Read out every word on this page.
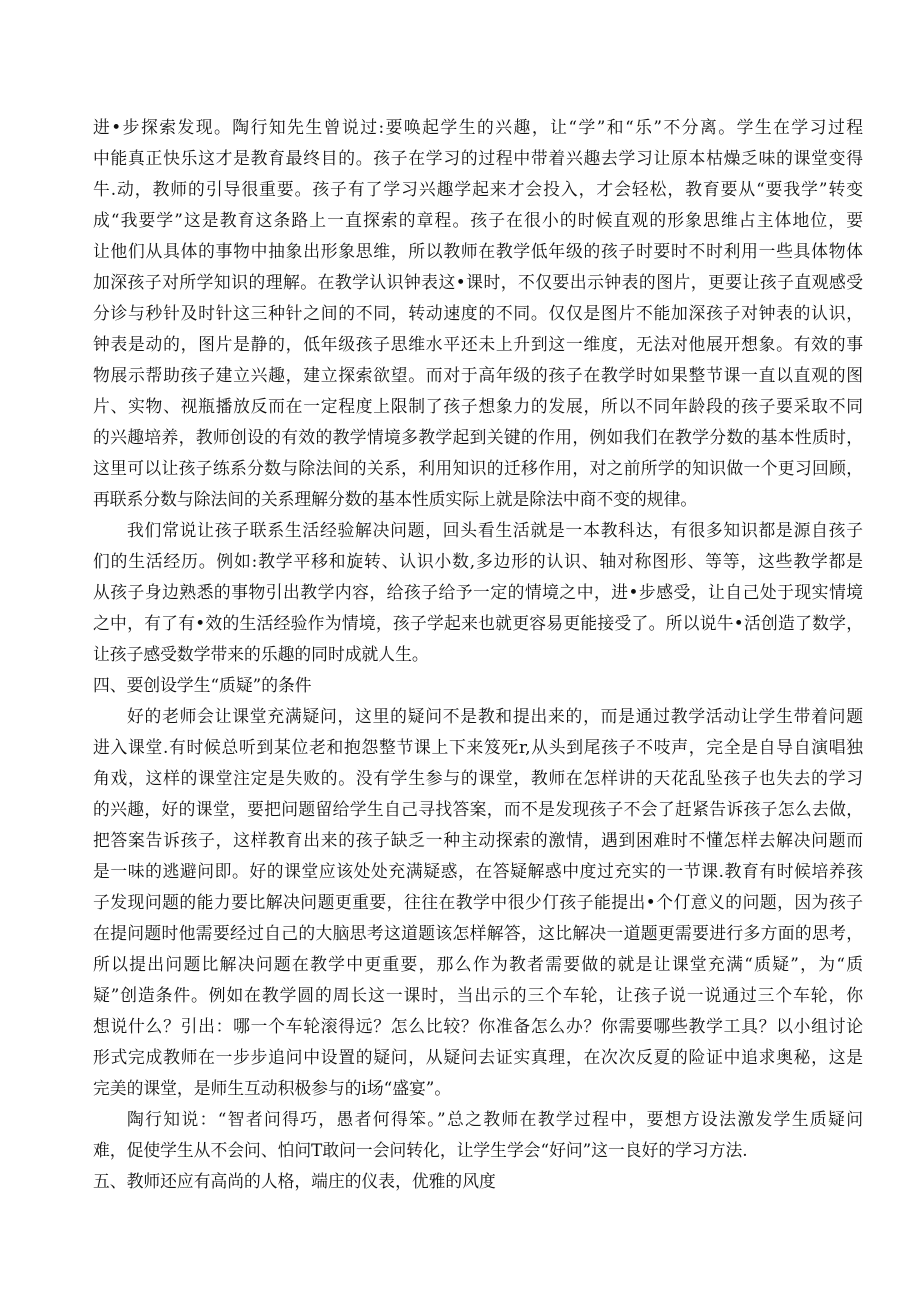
进•步探索发现。陶行知先生曾说过:要唤起学生的兴趣，让“学”和“乐”不分离。学生在学习过程
中能真正快乐这才是教育最终目的。孩子在学习的过程中带着兴趣去学习让原本枯燥乏味的课堂变得
牛.动，教师的引导很重要。孩子有了学习兴趣学起来才会投入，才会轻松，教育要从“要我学”转变
成“我要学”这是教育这条路上一直探索的章程。孩子在很小的时候直观的形象思维占主体地位，要
让他们从具体的事物中抽象出形象思维，所以教师在教学低年级的孩子时要时不时利用一些具体物体
加深孩子对所学知识的理解。在教学认识钟表这•课时，不仅要出示钟表的图片，更要让孩子直观感受
分诊与秒针及时针这三种针之间的不同，转动速度的不同。仅仅是图片不能加深孩子对钟表的认识，
钟表是动的，图片是静的，低年级孩子思维水平还未上升到这一维度，无法对他展开想象。有效的事
物展示帮助孩子建立兴趣，建立探索欲望。而对于高年级的孩子在教学时如果整节课一直以直观的图
片、实物、视瓶播放反而在一定程度上限制了孩子想象力的发展，所以不同年龄段的孩子要采取不同
的兴趣培养，教师创设的有效的教学情境多教学起到关键的作用，例如我们在教学分数的基本性质时，
这里可以让孩子练系分数与除法间的关系，利用知识的迁移作用，对之前所学的知识做一个更习回顾，
再联系分数与除法间的关系理解分数的基本性质实际上就是除法中商不变的规律。
我们常说让孩子联系生活经验解决问题，回头看生活就是一本教科达，有很多知识都是源自孩子
们的生活经历。例如:教学平移和旋转、认识小数,多边形的认识、轴对称图形、等等，这些教学都是
从孩子身边熟悉的事物引出教学内容，给孩子给予一定的情境之中，进•步感受，让自己处于现实情境
之中，有了有•效的生活经验作为情境，孩子学起来也就更容易更能接受了。所以说牛•活创造了数学，
让孩子感受数学带来的乐趣的同时成就人生。
四、要创设学生“质疑”的条件
好的老师会让课堂充满疑问，这里的疑问不是教和提出来的，而是通过教学活动让学生带着问题
进入课堂.有时候总听到某位老和抱怨整节课上下来笈死r,从头到尾孩子不吱声，完全是自导自演唱独
角戏，这样的课堂注定是失败的。没有学生参与的课堂，教师在怎样讲的天花乱坠孩子也失去的学习
的兴趣，好的课堂，要把问题留给学生自己寻找答案，而不是发现孩子不会了赶紧告诉孩子怎么去做，
把答案告诉孩子，这样教育出来的孩子缺乏一种主动探索的激情，遇到困难时不懂怎样去解决问题而
是一味的逃避问即。好的课堂应该处处充满疑惑，在答疑解惑中度过充实的一节课.教育有时候培养孩
子发现问题的能力要比解决问题更重要，往往在教学中很少仃孩子能提出•个仃意义的问题，因为孩子
在提问题时他需要经过自己的大脑思考这道题该怎样解答，这比解决一道题更需要进行多方面的思考，
所以提出问题比解决问题在教学中更重要，那么作为教者需要做的就是让课堂充满“质疑”，为“质
疑”创造条件。例如在教学圆的周长这一课时，当出示的三个车轮，让孩子说一说通过三个车轮，你
想说什么？引出：哪一个车轮滚得远？怎么比较？你准备怎么办？你需要哪些教学工具？以小组讨论
形式完成教师在一步步追问中设置的疑问，从疑问去证实真理，在次次反夏的险证中追求奥秘，这是
完美的课堂，是师生互动积极参与的i场“盛宴”。
陶行知说：“智者问得巧，愚者何得笨。”总之教师在教学过程中，要想方设法激发学生质疑问
难，促使学生从不会问、怕问T敢问一会问转化，让学生学会“好问”这一良好的学习方法.
五、教师还应有高尚的人格，端庄的仪表，优雅的风度
